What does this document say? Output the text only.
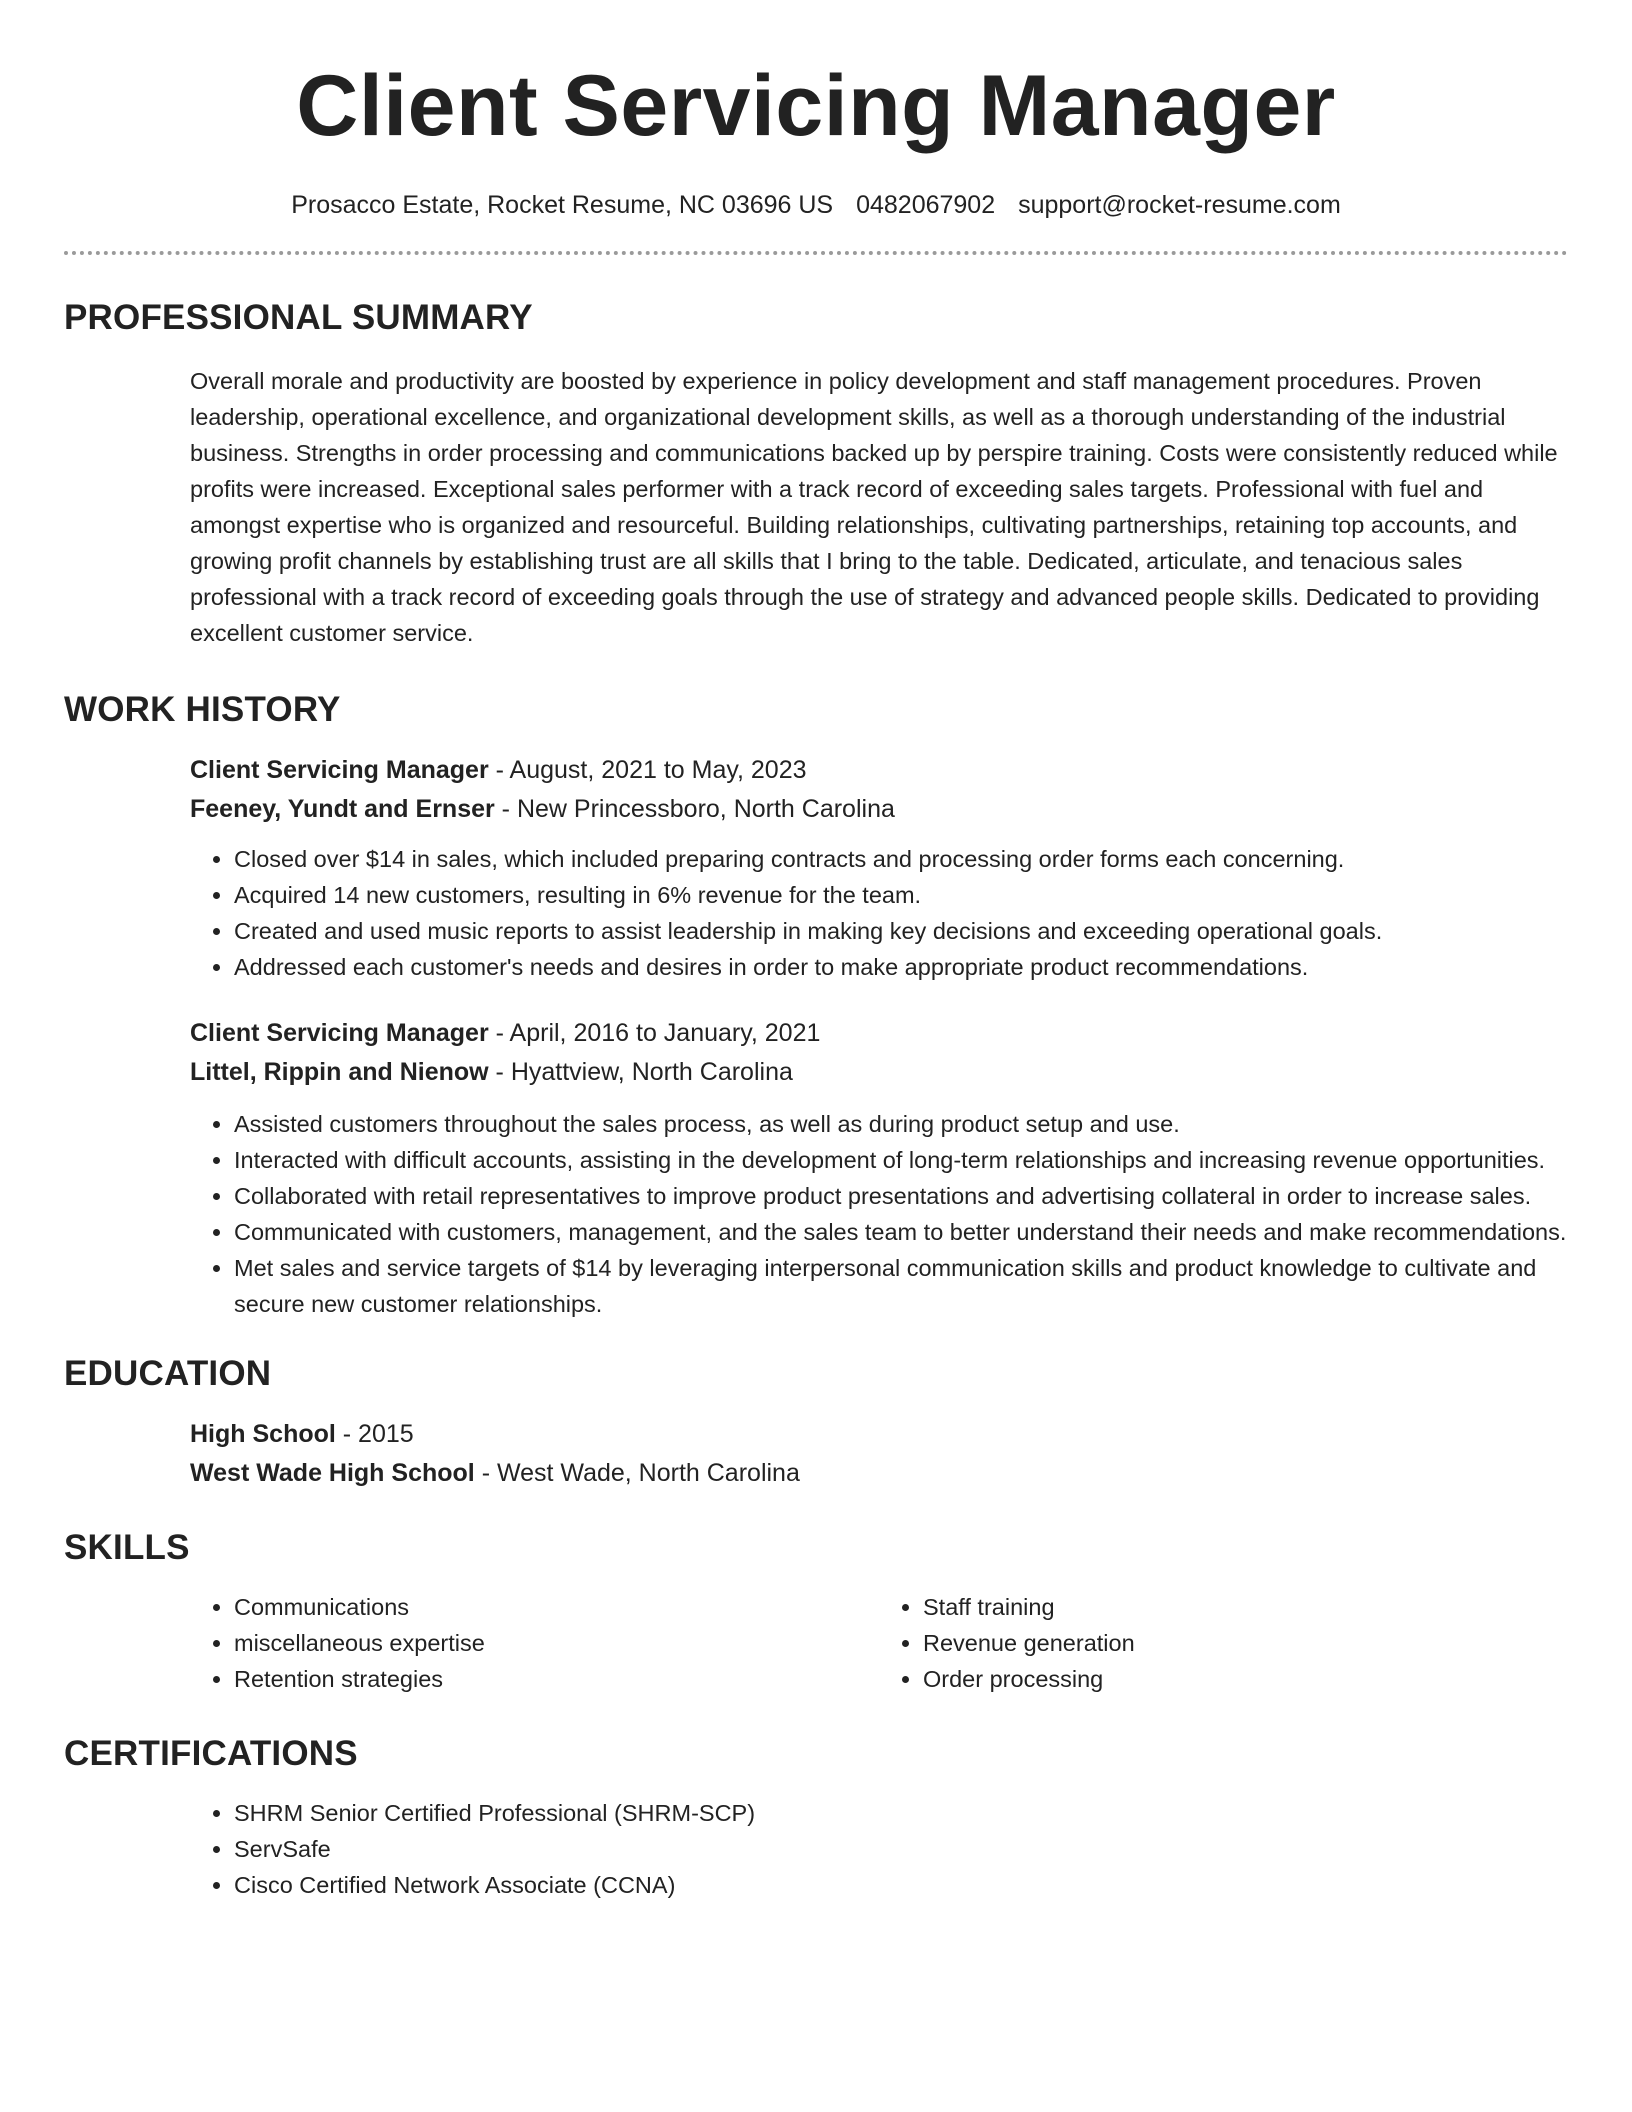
Client Servicing Manager
Prosacco Estate, Rocket Resume, NC 03696 US 0482067902 support@rocket-resume.com
PROFESSIONAL SUMMARY
Overall morale and productivity are boosted by experience in policy development and staff management procedures. Proven leadership, operational excellence, and organizational development skills, as well as a thorough understanding of the industrial business. Strengths in order processing and communications backed up by perspire training. Costs were consistently reduced while profits were increased. Exceptional sales performer with a track record of exceeding sales targets. Professional with fuel and amongst expertise who is organized and resourceful. Building relationships, cultivating partnerships, retaining top accounts, and growing profit channels by establishing trust are all skills that I bring to the table. Dedicated, articulate, and tenacious sales professional with a track record of exceeding goals through the use of strategy and advanced people skills. Dedicated to providing excellent customer service.
WORK HISTORY
Client Servicing Manager - August, 2021 to May, 2023
Feeney, Yundt and Ernser - New Princessboro, North Carolina
• Closed over $14 in sales, which included preparing contracts and processing order forms each concerning.
• Acquired 14 new customers, resulting in 6% revenue for the team.
• Created and used music reports to assist leadership in making key decisions and exceeding operational goals.
• Addressed each customer's needs and desires in order to make appropriate product recommendations.
Client Servicing Manager - April, 2016 to January, 2021
Littel, Rippin and Nienow - Hyattview, North Carolina
• Assisted customers throughout the sales process, as well as during product setup and use.
• Interacted with difficult accounts, assisting in the development of long-term relationships and increasing revenue opportunities.
• Collaborated with retail representatives to improve product presentations and advertising collateral in order to increase sales.
• Communicated with customers, management, and the sales team to better understand their needs and make recommendations.
• Met sales and service targets of $14 by leveraging interpersonal communication skills and product knowledge to cultivate and secure new customer relationships.
EDUCATION
High School - 2015
West Wade High School - West Wade, North Carolina
SKILLS
• Communications
• miscellaneous expertise
• Retention strategies
• Staff training
• Revenue generation
• Order processing
CERTIFICATIONS
• SHRM Senior Certified Professional (SHRM-SCP)
• ServSafe
• Cisco Certified Network Associate (CCNA)
